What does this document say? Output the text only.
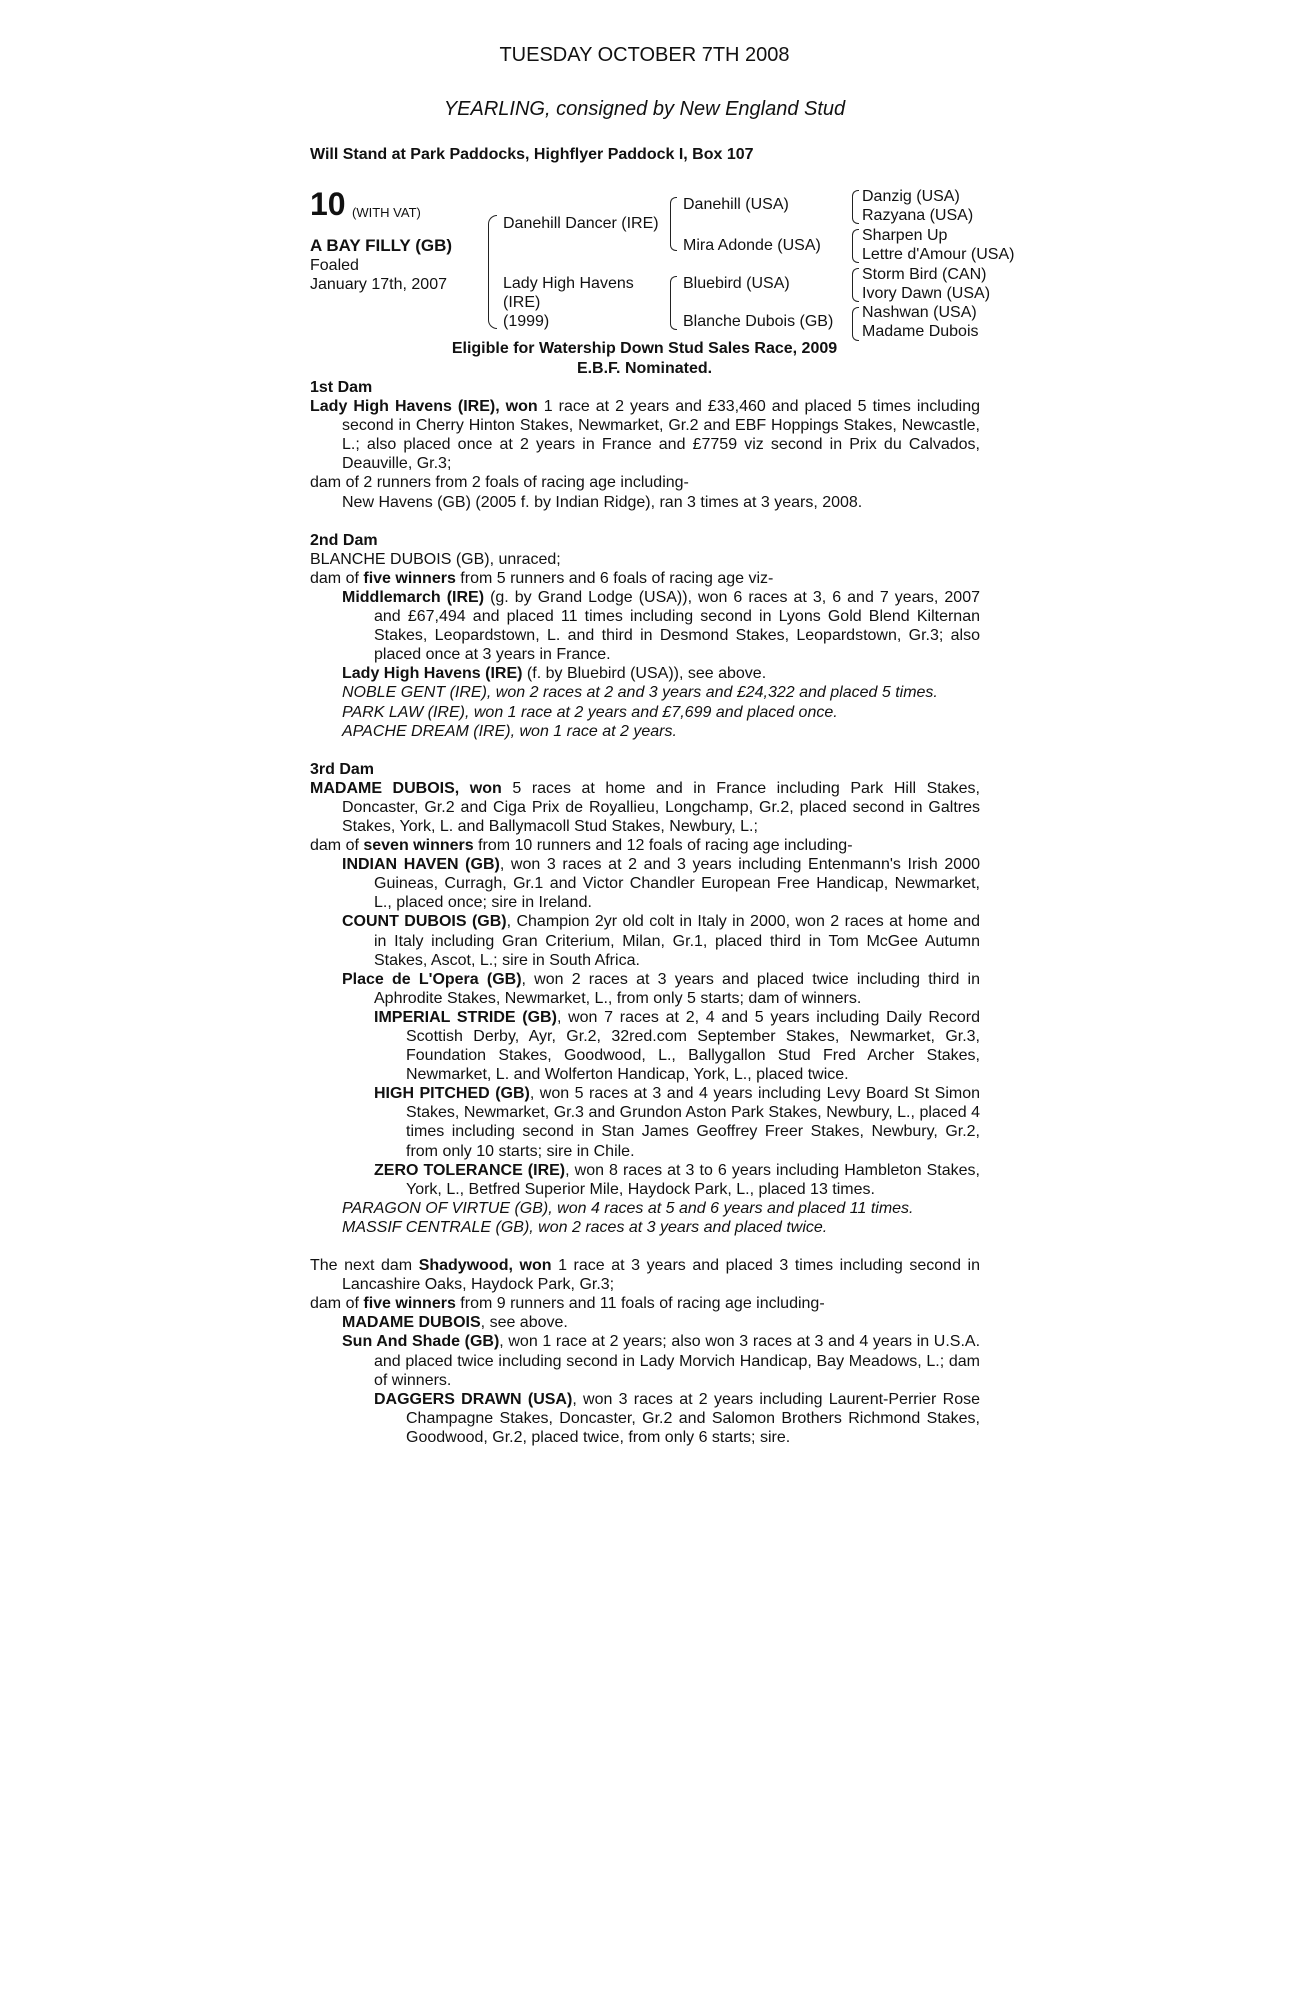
TUESDAY OCTOBER 7TH 2008
YEARLING, consigned by New England Stud
Will Stand at Park Paddocks, Highflyer Paddock I, Box 107
10 (WITH VAT)
A BAY FILLY (GB)
Foaled
January 17th, 2007
Danehill Dancer (IRE)
Lady High Havens
(IRE)
(1999)
Danehill (USA)
Mira Adonde (USA)
Bluebird (USA)
Blanche Dubois (GB)
Danzig (USA)
Razyana (USA)
Sharpen Up
Lettre d'Amour (USA)
Storm Bird (CAN)
Ivory Dawn (USA)
Nashwan (USA)
Madame Dubois
Eligible for Watership Down Stud Sales Race, 2009
E.B.F. Nominated.

1st Dam

Lady High Havens (IRE), won 1 race at 2 years and £33,460 and placed 5 times including second in Cherry Hinton Stakes, Newmarket, Gr.2 and EBF Hoppings Stakes, Newcastle, L.; also placed once at 2 years in France and £7759 viz second in Prix du Calvados, Deauville, Gr.3;

dam of 2 runners from 2 foals of racing age including-

New Havens (GB) (2005 f. by Indian Ridge), ran 3 times at 3 years, 2008.

2nd Dam

BLANCHE DUBOIS (GB), unraced;

dam of five winners from 5 runners and 6 foals of racing age viz-

Middlemarch (IRE) (g. by Grand Lodge (USA)), won 6 races at 3, 6 and 7 years, 2007 and £67,494 and placed 11 times including second in Lyons Gold Blend Kilternan Stakes, Leopardstown, L. and third in Desmond Stakes, Leopardstown, Gr.3; also placed once at 3 years in France.

Lady High Havens (IRE) (f. by Bluebird (USA)), see above.

NOBLE GENT (IRE), won 2 races at 2 and 3 years and £24,322 and placed 5 times.

PARK LAW (IRE), won 1 race at 2 years and £7,699 and placed once.

APACHE DREAM (IRE), won 1 race at 2 years.

3rd Dam

MADAME DUBOIS, won 5 races at home and in France including Park Hill Stakes, Doncaster, Gr.2 and Ciga Prix de Royallieu, Longchamp, Gr.2, placed second in Galtres Stakes, York, L. and Ballymacoll Stud Stakes, Newbury, L.;

dam of seven winners from 10 runners and 12 foals of racing age including-

INDIAN HAVEN (GB), won 3 races at 2 and 3 years including Entenmann's Irish 2000 Guineas, Curragh, Gr.1 and Victor Chandler European Free Handicap, Newmarket, L., placed once; sire in Ireland.

COUNT DUBOIS (GB), Champion 2yr old colt in Italy in 2000, won 2 races at home and in Italy including Gran Criterium, Milan, Gr.1, placed third in Tom McGee Autumn Stakes, Ascot, L.; sire in South Africa.

Place de L'Opera (GB), won 2 races at 3 years and placed twice including third in Aphrodite Stakes, Newmarket, L., from only 5 starts; dam of winners.

IMPERIAL STRIDE (GB), won 7 races at 2, 4 and 5 years including Daily Record Scottish Derby, Ayr, Gr.2, 32red.com September Stakes, Newmarket, Gr.3, Foundation Stakes, Goodwood, L., Ballygallon Stud Fred Archer Stakes, Newmarket, L. and Wolferton Handicap, York, L., placed twice.

HIGH PITCHED (GB), won 5 races at 3 and 4 years including Levy Board St Simon Stakes, Newmarket, Gr.3 and Grundon Aston Park Stakes, Newbury, L., placed 4 times including second in Stan James Geoffrey Freer Stakes, Newbury, Gr.2, from only 10 starts; sire in Chile.

ZERO TOLERANCE (IRE), won 8 races at 3 to 6 years including Hambleton Stakes, York, L., Betfred Superior Mile, Haydock Park, L., placed 13 times.

PARAGON OF VIRTUE (GB), won 4 races at 5 and 6 years and placed 11 times.

MASSIF CENTRALE (GB), won 2 races at 3 years and placed twice.

The next dam Shadywood, won 1 race at 3 years and placed 3 times including second in Lancashire Oaks, Haydock Park, Gr.3;

dam of five winners from 9 runners and 11 foals of racing age including-

MADAME DUBOIS, see above.

Sun And Shade (GB), won 1 race at 2 years; also won 3 races at 3 and 4 years in U.S.A. and placed twice including second in Lady Morvich Handicap, Bay Meadows, L.; dam of winners.

DAGGERS DRAWN (USA), won 3 races at 2 years including Laurent-Perrier Rose Champagne Stakes, Doncaster, Gr.2 and Salomon Brothers Richmond Stakes, Goodwood, Gr.2, placed twice, from only 6 starts; sire.
